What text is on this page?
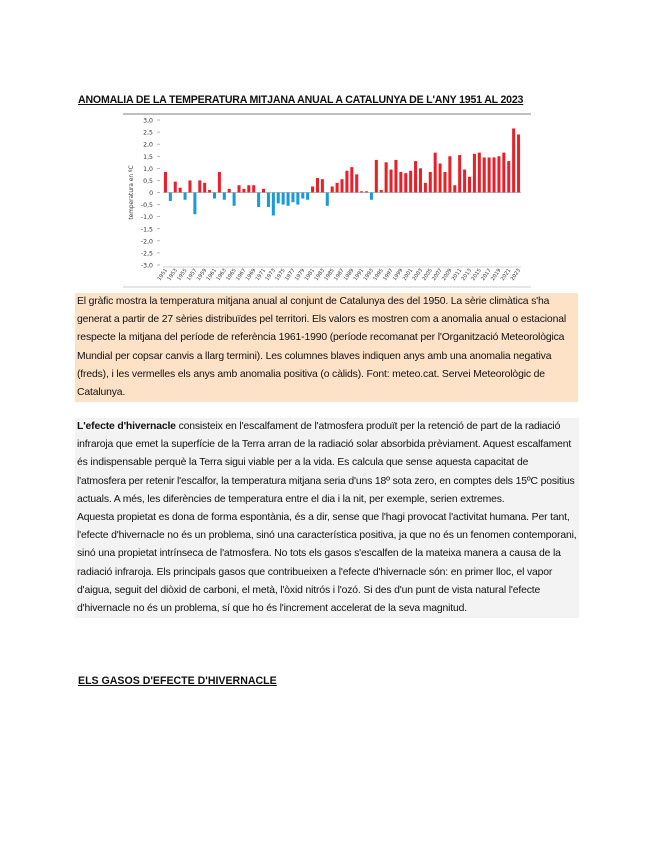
ANOMALIA DE LA TEMPERATURA MITJANA ANUAL A CATALUNYA DE L'ANY 1951 AL 2023
3,0
2,5
2,0
1,5
1,0
0,5
0
-0,5
-1,0
-1,5
-2,0
-2,5
-3,0
temperatura en ºC
1951
1953
1955
1957
1959
1961
1963
1965
1967
1969
1971
1973
1975
1977
1979
1981
1983
1985
1987
1989
1991
1993
1995
1997
1999
2001
2003
2005
2007
2009
2011
2013
2015
2017
2019
2021
2023
El gràfic mostra la temperatura mitjana anual al conjunt de Catalunya des del 1950. La sèrie climàtica s'ha generat a partir de 27 sèries distribuïdes pel territori. Els valors es mostren com a anomalia anual o estacional respecte la mitjana del període de referència 1961-1990 (període recomanat per l'Organització Meteorològica Mundial per copsar canvis a llarg termini). Les columnes blaves indiquen anys amb una anomalia negativa (freds), i les vermelles els anys amb anomalia positiva (o càlids). Font: meteo.cat. Servei Meteorològic de Catalunya.
L'efecte d'hivernacle consisteix en l'escalfament de l'atmosfera produït per la retenció de part de la radiació infraroja que emet la superfície de la Terra arran de la radiació solar absorbida prèviament. Aquest escalfament és indispensable perquè la Terra sigui viable per a la vida. Es calcula que sense aquesta capacitat de l'atmosfera per retenir l'escalfor, la temperatura mitjana seria d'uns 18º sota zero, en comptes dels 15ºC positius actuals. A més, les diferències de temperatura entre el dia i la nit, per exemple, serien extremes.
Aquesta propietat es dona de forma espontània, és a dir, sense que l'hagi provocat l'activitat humana. Per tant, l'efecte d'hivernacle no és un problema, sinó una característica positiva, ja que no és un fenomen contemporani, sinó una propietat intrínseca de l'atmosfera. No tots els gasos s'escalfen de la mateixa manera a causa de la radiació infraroja. Els principals gasos que contribueixen a l'efecte d'hivernacle són: en primer lloc, el vapor d'aigua, seguit del diòxid de carboni, el metà, l'òxid nitrós i l'ozó. Si des d'un punt de vista natural l'efecte d'hivernacle no és un problema, sí que ho és l'increment accelerat de la seva magnitud.
ELS GASOS D'EFECTE D'HIVERNACLE
